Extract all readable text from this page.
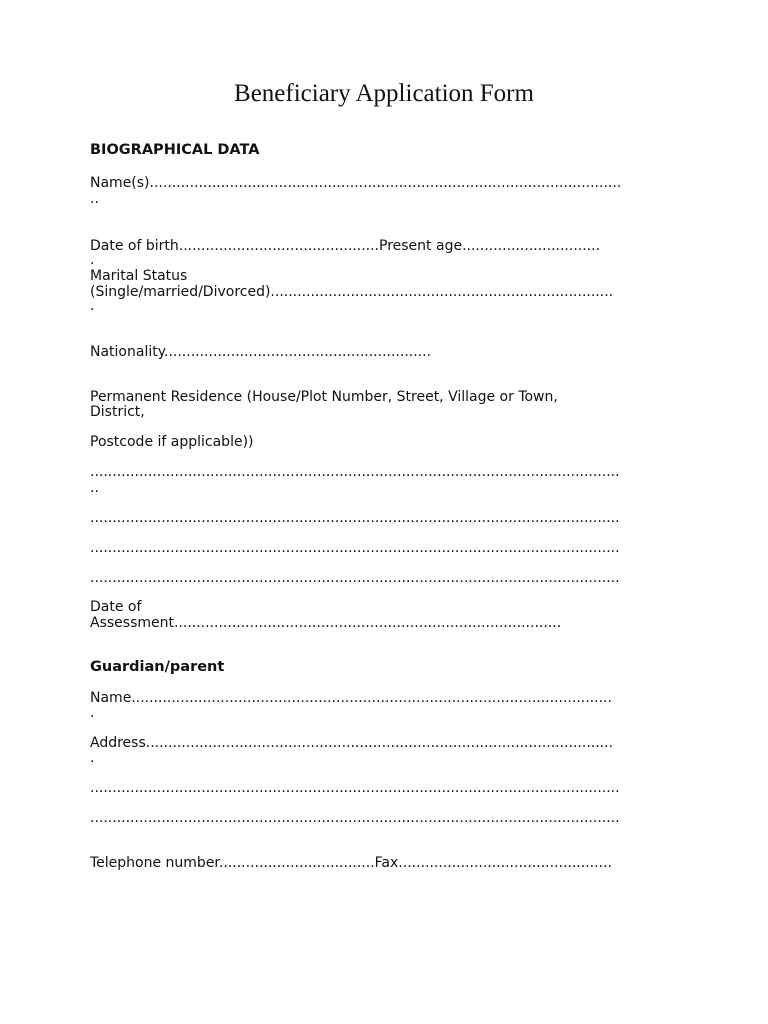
Beneficiary Application Form
BIOGRAPHICAL DATA
Name(s)..........................................................................................................
..
Date of birth.............................................Present age...............................
.
Marital Status
(Single/married/Divorced).............................................................................
.
Nationality............................................................
Permanent Residence (House/Plot Number, Street, Village or Town,
District,
Postcode if applicable))
.......................................................................................................................
..
.......................................................................................................................
.......................................................................................................................
.......................................................................................................................
Date of
Assessment.......................................................................................
Guardian/parent
Name............................................................................................................
.
Address.........................................................................................................
.
.......................................................................................................................
.......................................................................................................................
Telephone number...................................Fax................................................
